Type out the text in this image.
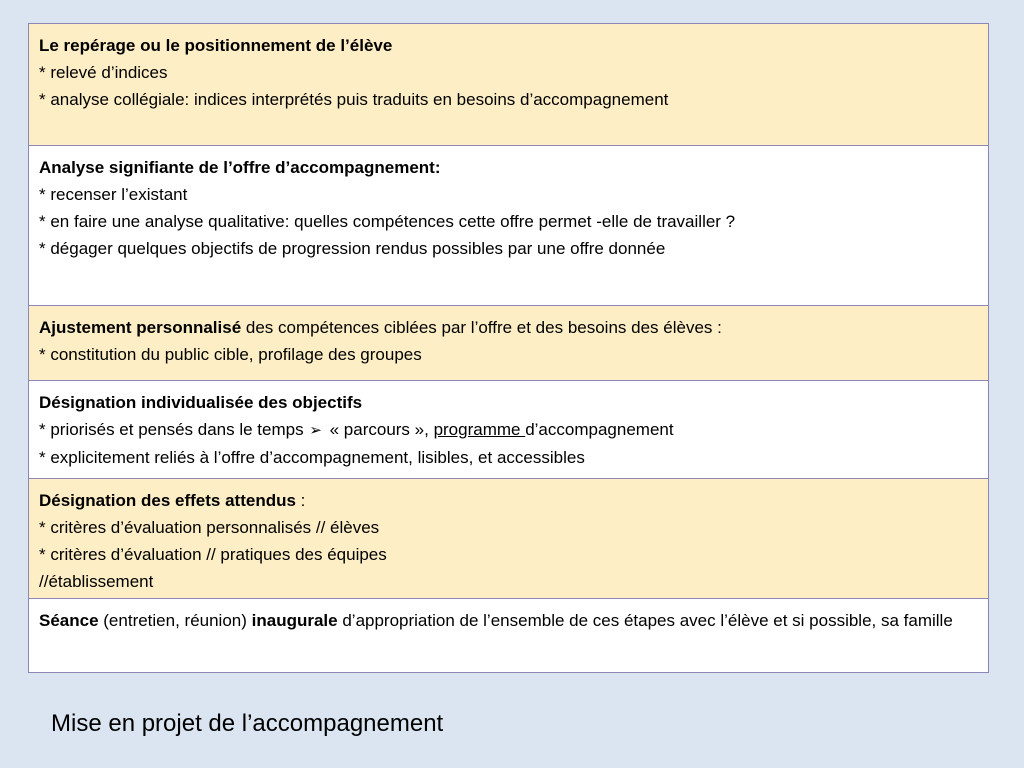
Le repérage ou le positionnement de l’élève
* relevé d’indices
* analyse collégiale: indices interprétés puis traduits en besoins d’accompagnement
Analyse signifiante de l’offre d’accompagnement:
* recenser l’existant
* en faire une analyse qualitative: quelles compétences cette offre permet -elle de travailler ?
* dégager quelques objectifs de progression rendus possibles par une offre donnée
Ajustement personnalisé des compétences ciblées par l’offre et des besoins des élèves :
* constitution du public cible, profilage des groupes
Désignation individualisée des objectifs
* priorisés et pensés dans le temps ➢ « parcours », programme d’accompagnement
* explicitement reliés à l’offre d’accompagnement, lisibles, et accessibles
Désignation des effets attendus :
* critères d’évaluation personnalisés // élèves
* critères d’évaluation // pratiques des équipes
//établissement
Séance (entretien, réunion) inaugurale d’appropriation de l’ensemble de ces étapes avec l’élève et si possible, sa famille
Mise en projet de l’accompagnement
